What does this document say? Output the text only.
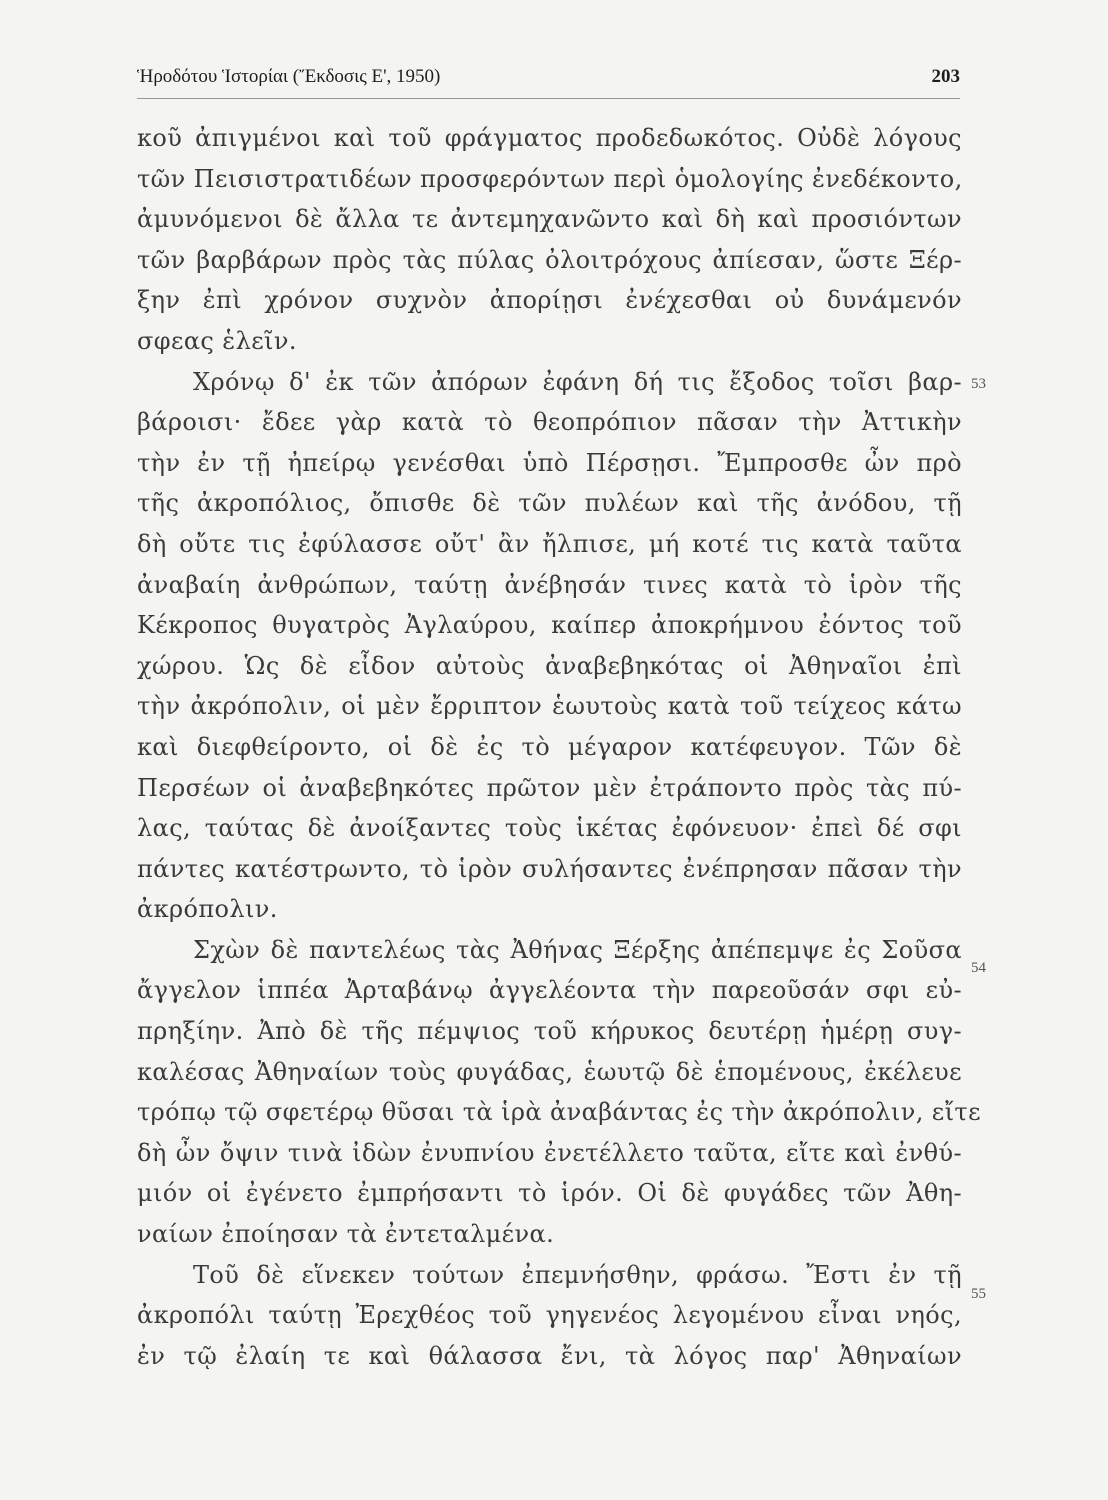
Ἡροδότου Ἱστορίαι (Ἔκδοσις Ε', 1950)	203
κοῦ ἀπιγμένοι καὶ τοῦ φράγματος προδεδωκότος. Οὐδὲ λόγους
τῶν Πεισιστρατιδέων προσφερόντων περὶ ὁμολογίης ἐνεδέκοντο,
ἀμυνόμενοι δὲ ἄλλα τε ἀντεμηχανῶντο καὶ δὴ καὶ προσιόντων
τῶν βαρβάρων πρὸς τὰς πύλας ὀλοιτρόχους ἀπίεσαν, ὥστε Ξέρ-
ξην ἐπὶ χρόνον συχνὸν ἀπορίῃσι ἐνέχεσθαι οὐ δυνάμενόν
σφεας ἑλεῖν.
Χρόνῳ δ' ἐκ τῶν ἀπόρων ἐφάνη δή τις ἔξοδος τοῖσι βαρ-
βάροισι· ἔδεε γὰρ κατὰ τὸ θεοπρόπιον πᾶσαν τὴν Ἀττικὴν
τὴν ἐν τῇ ἠπείρῳ γενέσθαι ὑπὸ Πέρσῃσι. Ἔμπροσθε ὦν πρὸ
τῆς ἀκροπόλιος, ὄπισθε δὲ τῶν πυλέων καὶ τῆς ἀνόδου, τῇ
δὴ οὔτε τις ἐφύλασσε οὔτ' ἂν ἤλπισε, μή κοτέ τις κατὰ ταῦτα
ἀναβαίη ἀνθρώπων, ταύτῃ ἀνέβησάν τινες κατὰ τὸ ἱρὸν τῆς
Κέκροπος θυγατρὸς Ἀγλαύρου, καίπερ ἀποκρήμνου ἐόντος τοῦ
χώρου. Ὡς δὲ εἶδον αὐτοὺς ἀναβεβηκότας οἱ Ἀθηναῖοι ἐπὶ
τὴν ἀκρόπολιν, οἱ μὲν ἔρριπτον ἑωυτοὺς κατὰ τοῦ τείχεος κάτω
καὶ διεφθείροντο, οἱ δὲ ἐς τὸ μέγαρον κατέφευγον. Τῶν δὲ
Περσέων οἱ ἀναβεβηκότες πρῶτον μὲν ἐτράποντο πρὸς τὰς πύ-
λας, ταύτας δὲ ἀνοίξαντες τοὺς ἱκέτας ἐφόνευον· ἐπεὶ δέ σφι
πάντες κατέστρωντο, τὸ ἱρὸν συλήσαντες ἐνέπρησαν πᾶσαν τὴν
ἀκρόπολιν.
Σχὼν δὲ παντελέως τὰς Ἀθήνας Ξέρξης ἀπέπεμψε ἐς Σοῦσα
ἄγγελον ἱππέα Ἀρταβάνῳ ἀγγελέοντα τὴν παρεοῦσάν σφι εὐ-
πρηξίην. Ἀπὸ δὲ τῆς πέμψιος τοῦ κήρυκος δευτέρῃ ἡμέρῃ συγ-
καλέσας Ἀθηναίων τοὺς φυγάδας, ἑωυτῷ δὲ ἑπομένους, ἐκέλευε
τρόπῳ τῷ σφετέρῳ θῦσαι τὰ ἱρὰ ἀναβάντας ἐς τὴν ἀκρόπολιν, εἴτε
δὴ ὦν ὄψιν τινὰ ἰδὼν ἐνυπνίου ἐνετέλλετο ταῦτα, εἴτε καὶ ἐνθύ-
μιόν οἱ ἐγένετο ἐμπρήσαντι τὸ ἱρόν. Οἱ δὲ φυγάδες τῶν Ἀθη-
ναίων ἐποίησαν τὰ ἐντεταλμένα.
Τοῦ δὲ εἵνεκεν τούτων ἐπεμνήσθην, φράσω. Ἔστι ἐν τῇ
ἀκροπόλι ταύτῃ Ἐρεχθέος τοῦ γηγενέος λεγομένου εἶναι νηός,
ἐν τῷ ἐλαίη τε καὶ θάλασσα ἔνι, τὰ λόγος παρ' Ἀθηναίων
53
54
55
